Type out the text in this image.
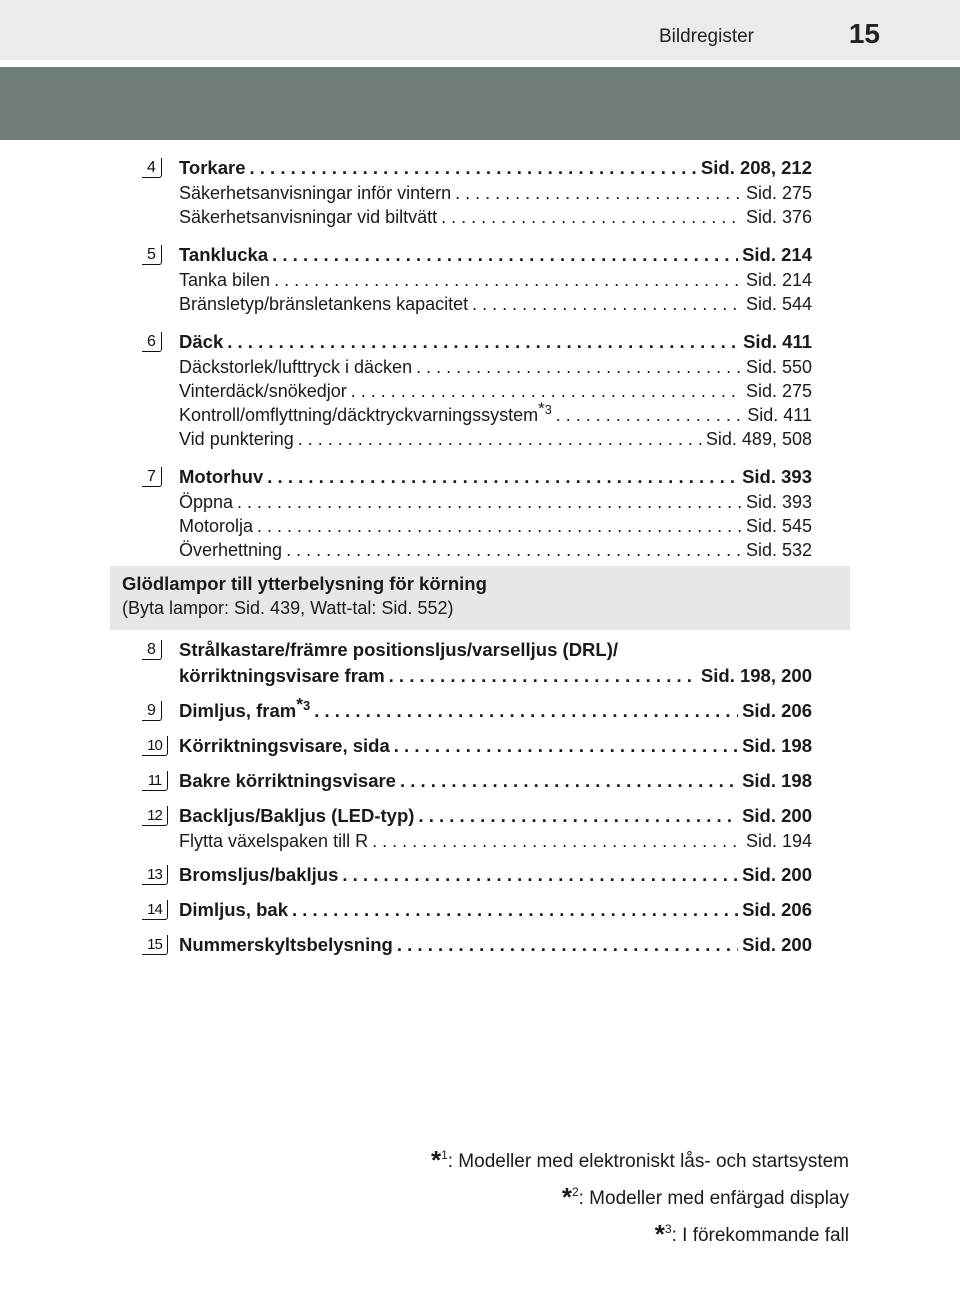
Bildregister	15
4	Torkare . . .	Sid. 208, 212
Säkerhetsanvisningar inför vintern . . .	Sid. 275
Säkerhetsanvisningar vid biltvätt . . .	Sid. 376
5	Tanklucka . . .	Sid. 214
Tanka bilen . . .	Sid. 214
Bränsletyp/bränsletankens kapacitet . . .	Sid. 544
6	Däck . . .	Sid. 411
Däckstorlek/lufttryck i däcken . . .	Sid. 550
Vinterdäck/snökedjor . . .	Sid. 275
Kontroll/omflyttning/däcktryckvarningssystem$^{*3}$ . . .	Sid. 411
Vid punktering . . .	Sid. 489, 508
7	Motorhuv . . .	Sid. 393
Öppna . . .	Sid. 393
Motorolja . . .	Sid. 545
Överhettning . . .	Sid. 532
Glödlampor till ytterbelysning för körning
(Byta lampor: Sid. 439, Watt-tal: Sid. 552)
8	Strålkastare/främre positionsljus/varselljus (DRL)/
körriktningsvisare fram . . .	Sid. 198, 200
9	Dimljus, fram$^{*3}$ . . .	Sid. 206
10 Körriktningsvisare, sida . . .	Sid. 198
11 Bakre körriktningsvisare . . .	Sid. 198
12 Backljus/Bakljus (LED-typ) . . .	Sid. 200
Flytta växelspaken till R . . .	Sid. 194
13 Bromsljus/bakljus . . .	Sid. 200
14 Dimljus, bak . . .	Sid. 206
15 Nummerskyltsbelysning . . .	Sid. 200
*$^1$: Modeller med elektroniskt lås- och startsystem
*$^2$: Modeller med enfärgad display
*$^3$: I förekommande fall
